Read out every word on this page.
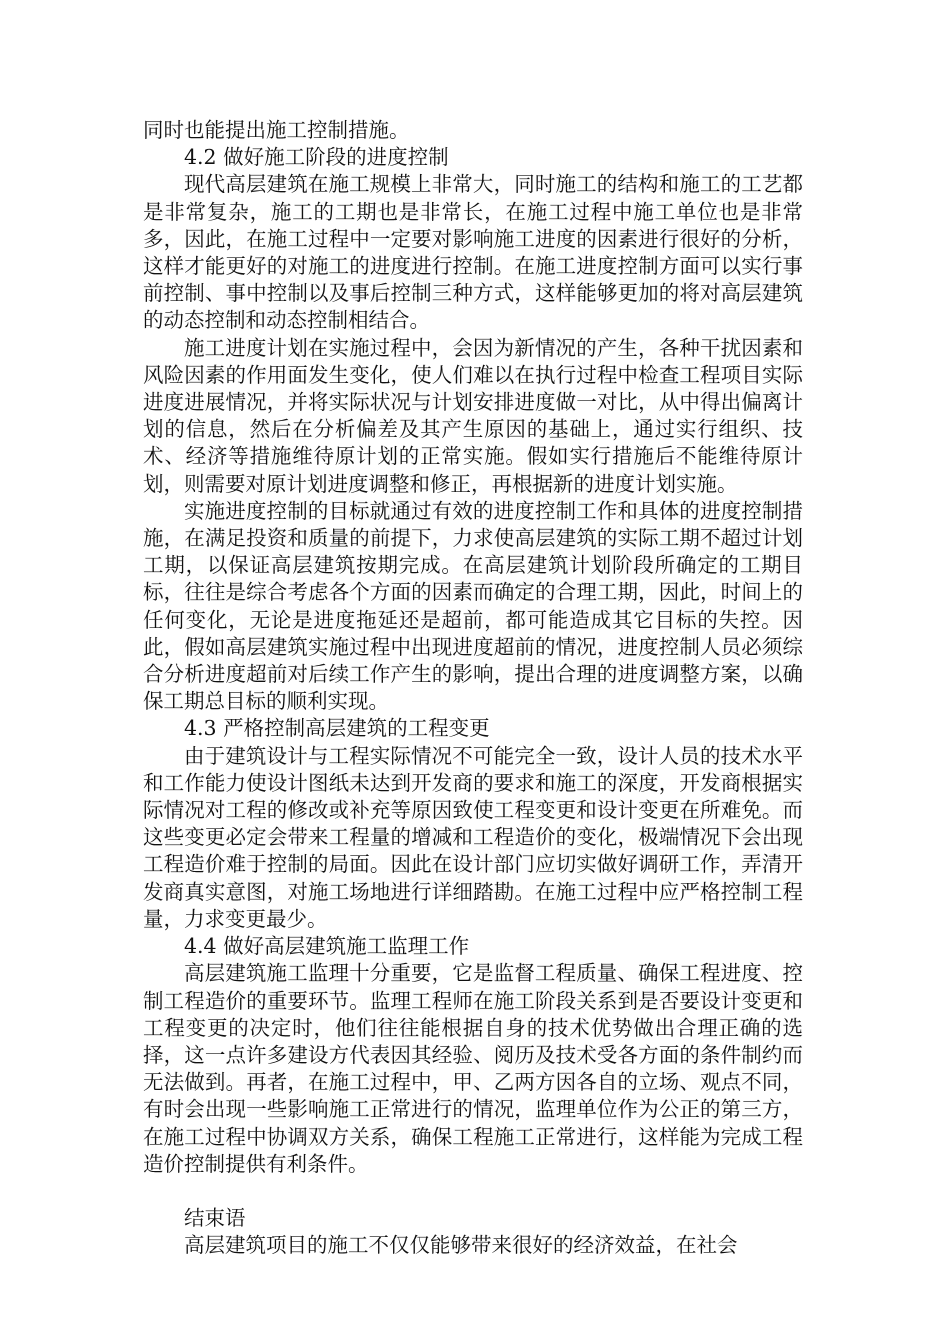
同时也能提出施工控制措施。

4.2 做好施工阶段的进度控制

现代高层建筑在施工规模上非常大，同时施工的结构和施工的工艺都是非常复杂，施工的工期也是非常长，在施工过程中施工单位也是非常多，因此，在施工过程中一定要对影响施工进度的因素进行很好的分析，这样才能更好的对施工的进度进行控制。在施工进度控制方面可以实行事前控制、事中控制以及事后控制三种方式，这样能够更加的将对高层建筑的动态控制和动态控制相结合。

施工进度计划在实施过程中，会因为新情况的产生，各种干扰因素和风险因素的作用面发生变化，使人们难以在执行过程中检查工程项目实际进度进展情况，并将实际状况与计划安排进度做一对比，从中得出偏离计划的信息，然后在分析偏差及其产生原因的基础上，通过实行组织、技术、经济等措施维待原计划的正常实施。假如实行措施后不能维待原计划，则需要对原计划进度调整和修正，再根据新的进度计划实施。

实施进度控制的目标就通过有效的进度控制工作和具体的进度控制措施，在满足投资和质量的前提下，力求使高层建筑的实际工期不超过计划工期，以保证高层建筑按期完成。在高层建筑计划阶段所确定的工期目标，往往是综合考虑各个方面的因素而确定的合理工期，因此，时间上的任何变化，无论是进度拖延还是超前，都可能造成其它目标的失控。因此，假如高层建筑实施过程中出现进度超前的情况，进度控制人员必须综合分析进度超前对后续工作产生的影响，提出合理的进度调整方案，以确保工期总目标的顺利实现。

4.3 严格控制高层建筑的工程变更

由于建筑设计与工程实际情况不可能完全一致，设计人员的技术水平和工作能力使设计图纸未达到开发商的要求和施工的深度，开发商根据实际情况对工程的修改或补充等原因致使工程变更和设计变更在所难免。而这些变更必定会带来工程量的增减和工程造价的变化，极端情况下会出现工程造价难于控制的局面。因此在设计部门应切实做好调研工作，弄清开发商真实意图，对施工场地进行详细踏勘。在施工过程中应严格控制工程量，力求变更最少。

4.4 做好高层建筑施工监理工作

高层建筑施工监理十分重要，它是监督工程质量、确保工程进度、控制工程造价的重要环节。监理工程师在施工阶段关系到是否要设计变更和工程变更的决定时，他们往往能根据自身的技术优势做出合理正确的选择，这一点许多建设方代表因其经验、阅历及技术受各方面的条件制约而无法做到。再者，在施工过程中，甲、乙两方因各自的立场、观点不同，有时会出现一些影响施工正常进行的情况，监理单位作为公正的第三方，在施工过程中协调双方关系，确保工程施工正常进行，这样能为完成工程造价控制提供有利条件。

结束语

高层建筑项目的施工不仅仅能够带来很好的经济效益，在社会
